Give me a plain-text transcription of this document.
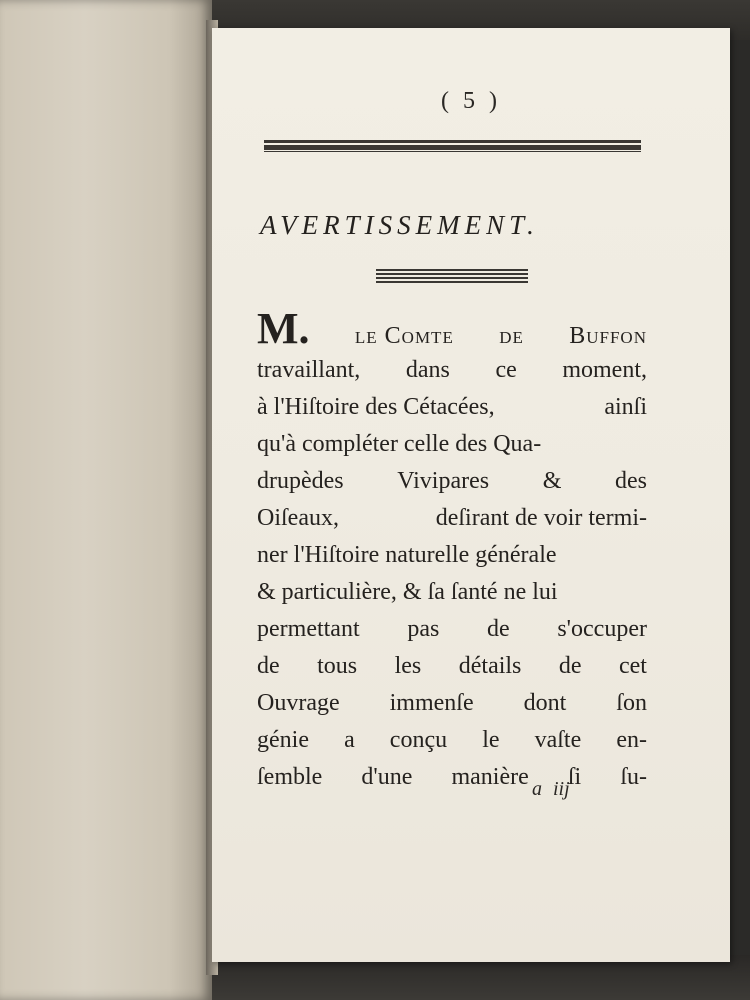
( 5 )
AVERTISSEMENT.
M. le Comte de Buffon
travaillant, dans ce moment,
à l'Hiſtoire des Cétacées,	ainſi
qu'à compléter celle des Qua-
drupèdes Vivipares & des
Oiſeaux,	deſirant de voir termi-
ner l'Hiſtoire naturelle générale
& particulière, & ſa ſanté ne lui
permettant pas de s'occuper
de tous les détails de cet
Ouvrage immenſe dont ſon
génie a conçu le vaſte en-
ſemble d'une manière ſi ſu-
a iij
